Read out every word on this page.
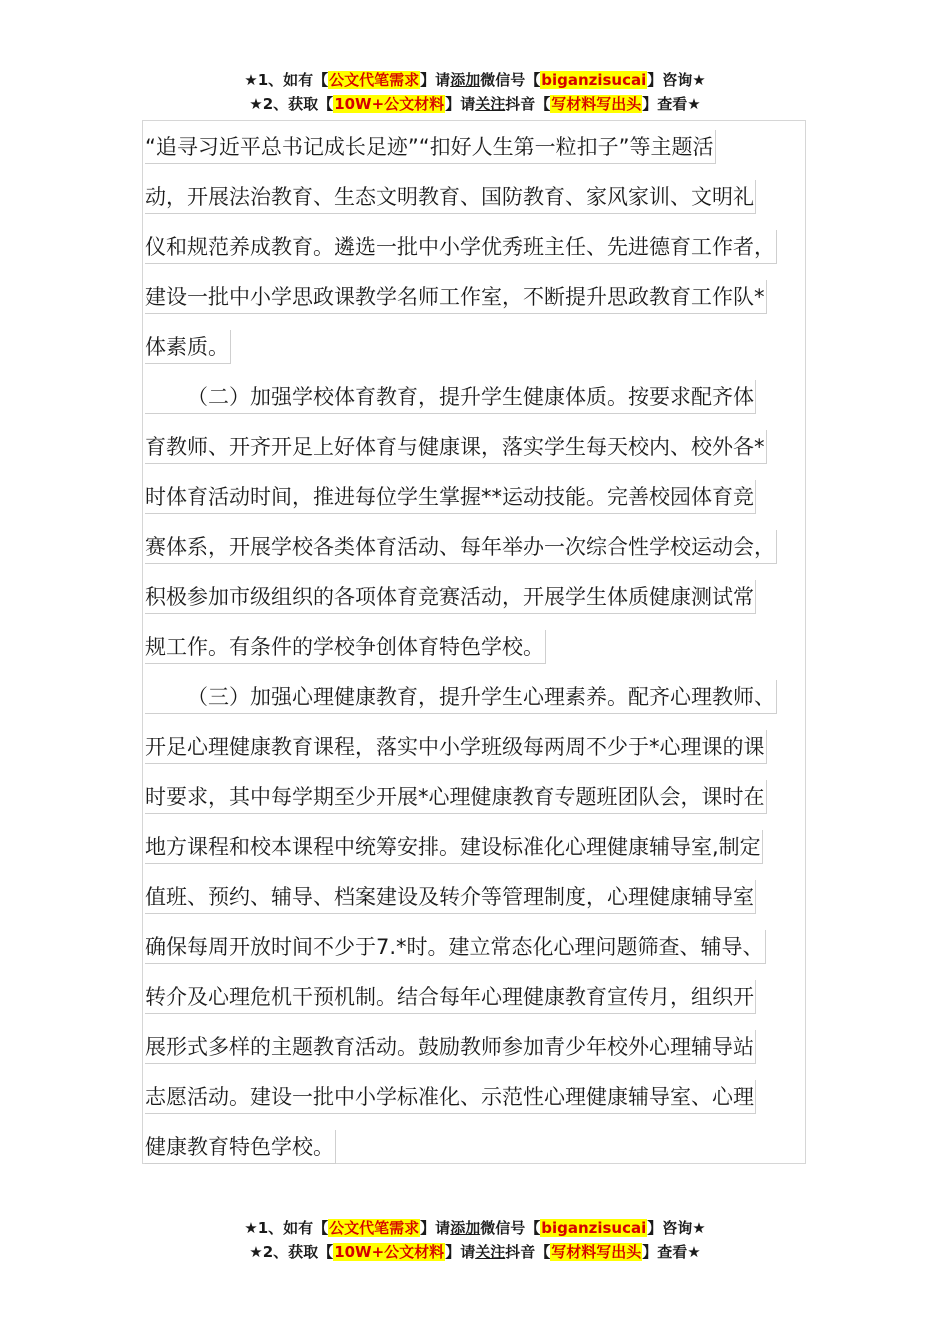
★1、如有【公文代笔需求】请添加微信号【biganzisucai】咨询★
★2、获取【10W+公文材料】请关注抖音【写材料写出头】查看★
“追寻习近平总书记成长足迹”“扣好人生第一粒扣子”等主题活
动，开展法治教育、生态文明教育、国防教育、家风家训、文明礼
仪和规范养成教育。遴选一批中小学优秀班主任、先进德育工作者，
建设一批中小学思政课教学名师工作室，不断提升思政教育工作队*
体素质。
（二）加强学校体育教育，提升学生健康体质。按要求配齐体
育教师、开齐开足上好体育与健康课，落实学生每天校内、校外各*
时体育活动时间，推进每位学生掌握**运动技能。完善校园体育竞
赛体系，开展学校各类体育活动、每年举办一次综合性学校运动会，
积极参加市级组织的各项体育竞赛活动，开展学生体质健康测试常
规工作。有条件的学校争创体育特色学校。
（三）加强心理健康教育，提升学生心理素养。配齐心理教师、
开足心理健康教育课程，落实中小学班级每两周不少于*心理课的课
时要求，其中每学期至少开展*心理健康教育专题班团队会，课时在
地方课程和校本课程中统筹安排。建设标准化心理健康辅导室,制定
值班、预约、辅导、档案建设及转介等管理制度，心理健康辅导室
确保每周开放时间不少于7.*时。建立常态化心理问题筛查、辅导、
转介及心理危机干预机制。结合每年心理健康教育宣传月，组织开
展形式多样的主题教育活动。鼓励教师参加青少年校外心理辅导站
志愿活动。建设一批中小学标准化、示范性心理健康辅导室、心理
健康教育特色学校。
★1、如有【公文代笔需求】请添加微信号【biganzisucai】咨询★
★2、获取【10W+公文材料】请关注抖音【写材料写出头】查看★
